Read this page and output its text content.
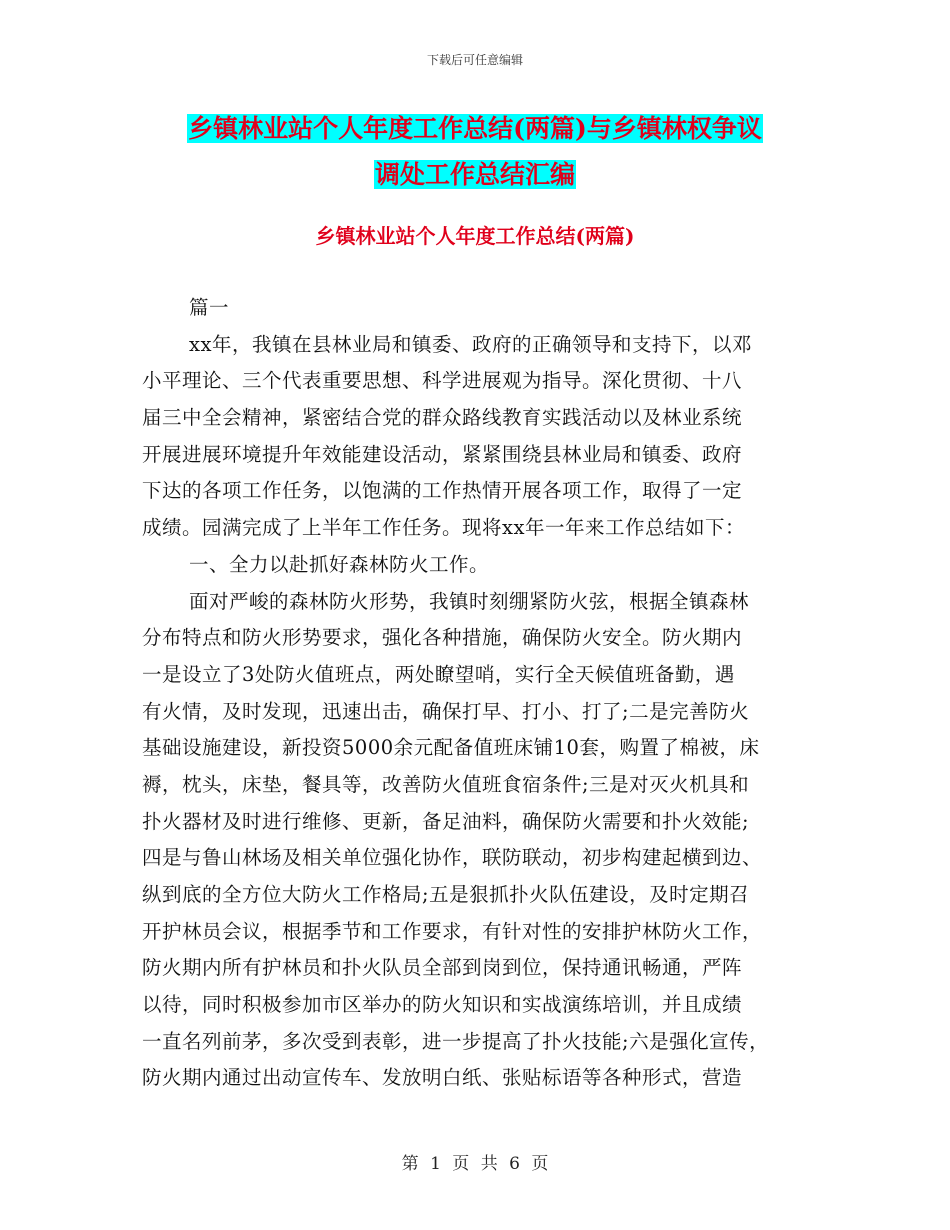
下载后可任意编辑
乡镇林业站个人年度工作总结(两篇)与乡镇林权争议
调处工作总结汇编
乡镇林业站个人年度工作总结(两篇)
篇一
xx年，我镇在县林业局和镇委、政府的正确领导和支持下，以邓
小平理论、三个代表重要思想、科学进展观为指导。深化贯彻、十八
届三中全会精神，紧密结合党的群众路线教育实践活动以及林业系统
开展进展环境提升年效能建设活动，紧紧围绕县林业局和镇委、政府
下达的各项工作任务，以饱满的工作热情开展各项工作，取得了一定
成绩。园满完成了上半年工作任务。现将xx年一年来工作总结如下：
一、全力以赴抓好森林防火工作。
面对严峻的森林防火形势，我镇时刻绷紧防火弦，根据全镇森林
分布特点和防火形势要求，强化各种措施，确保防火安全。防火期内
一是设立了3处防火值班点，两处瞭望哨，实行全天候值班备勤，遇
有火情，及时发现，迅速出击，确保打早、打小、打了;二是完善防火
基础设施建设，新投资5000余元配备值班床铺10套，购置了棉被，床
褥，枕头，床垫，餐具等，改善防火值班食宿条件;三是对灭火机具和
扑火器材及时进行维修、更新，备足油料，确保防火需要和扑火效能;
四是与鲁山林场及相关单位强化协作，联防联动，初步构建起横到边、
纵到底的全方位大防火工作格局;五是狠抓扑火队伍建设，及时定期召
开护林员会议，根据季节和工作要求，有针对性的安排护林防火工作，
防火期内所有护林员和扑火队员全部到岗到位，保持通讯畅通，严阵
以待，同时积极参加市区举办的防火知识和实战演练培训，并且成绩
一直名列前茅，多次受到表彰，进一步提高了扑火技能;六是强化宣传，
防火期内通过出动宣传车、发放明白纸、张贴标语等各种形式，营造
第 1 页 共 6 页
